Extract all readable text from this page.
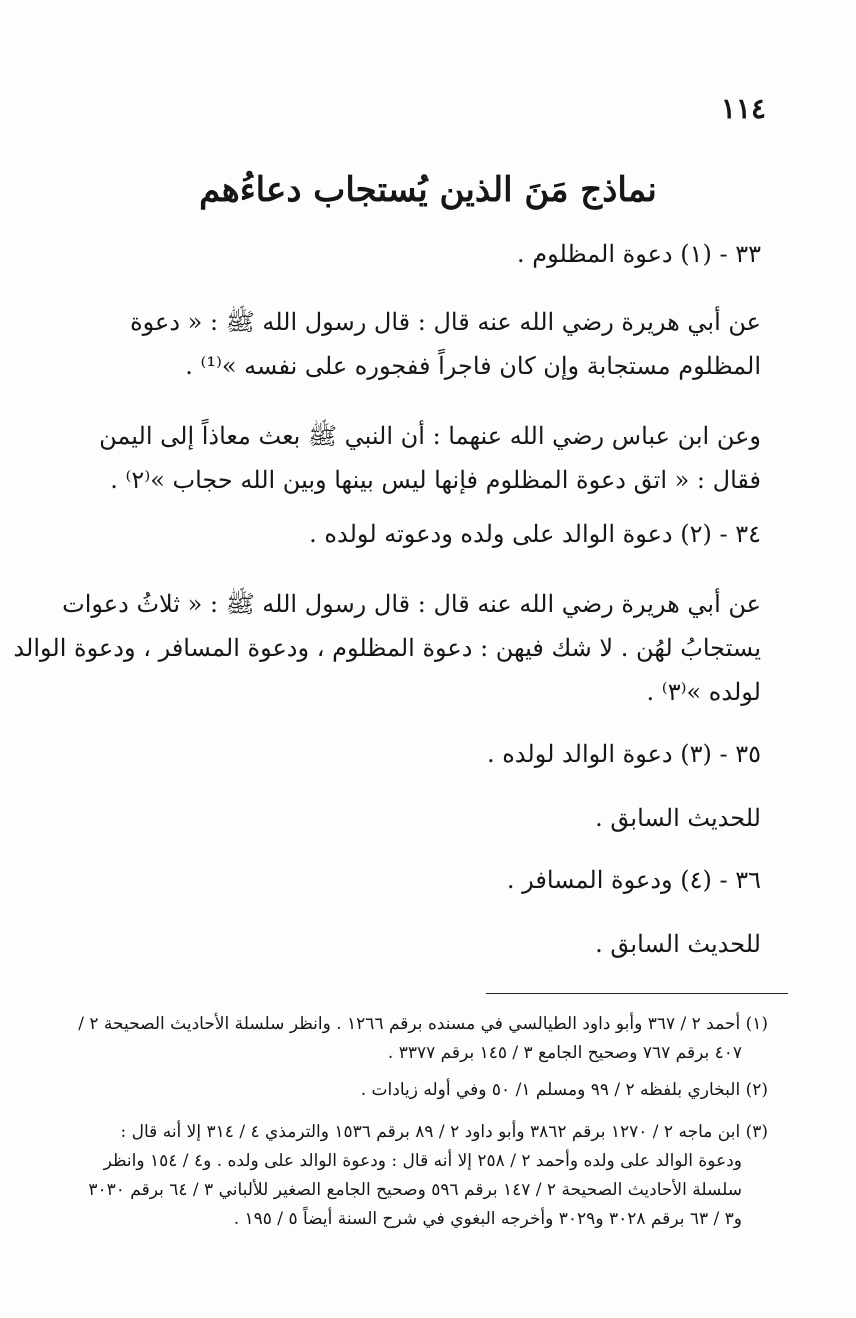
١١٤
نماذج مَنَ الذين يُستجاب دعاءُهم
٣٣ - (١) دعوة المظلوم .
عن أبي هريرة رضي الله عنه قال : قال رسول الله ﷺ : « دعوة
المظلوم مستجابة وإن كان فاجراً ففجوره على نفسه »⁽¹⁾ .
وعن ابن عباس رضي الله عنهما : أن النبي ﷺ بعث معاذاً إلى اليمن
فقال : « اتق دعوة المظلوم فإنها ليس بينها وبين الله حجاب »⁽٢⁾ .
٣٤ - (٢) دعوة الوالد على ولده ودعوته لولده .
عن أبي هريرة رضي الله عنه قال : قال رسول الله ﷺ : « ثلاثُ دعوات
يستجابُ لهُن . لا شك فيهن : دعوة المظلوم ، ودعوة المسافر ، ودعوة الوالد
لولده »⁽٣⁾ .
٣٥ - (٣) دعوة الوالد لولده .
للحديث السابق .
٣٦ - (٤) ودعوة المسافر .
للحديث السابق .
(١) أحمد ٢ / ٣٦٧ وأبو داود الطيالسي في مسنده برقم ١٢٦٦ . وانظر سلسلة الأحاديث الصحيحة ٢ /
٤٠٧ برقم ٧٦٧ وصحيح الجامع ٣ / ١٤٥ برقم ٣٣٧٧ .
(٢) البخاري بلفظه ٢ / ٩٩ ومسلم ١/ ٥٠ وفي أوله زيادات .
(٣) ابن ماجه ٢ / ١٢٧٠ برقم ٣٨٦٢ وأبو داود ٢ / ٨٩ برقم ١٥٣٦ والترمذي ٤ / ٣١٤ إلا أنه قال :
ودعوة الوالد على ولده وأحمد ٢ / ٢٥٨ إلا أنه قال : ودعوة الوالد على ولده . و٤ / ١٥٤ وانظر
سلسلة الأحاديث الصحيحة ٢ / ١٤٧ برقم ٥٩٦ وصحيح الجامع الصغير للألباني ٣ / ٦٤ برقم ٣٠٣٠
و٣ / ٦٣ برقم ٣٠٢٨ و٣٠٢٩ وأخرجه البغوي في شرح السنة أيضاً ٥ / ١٩٥ .
